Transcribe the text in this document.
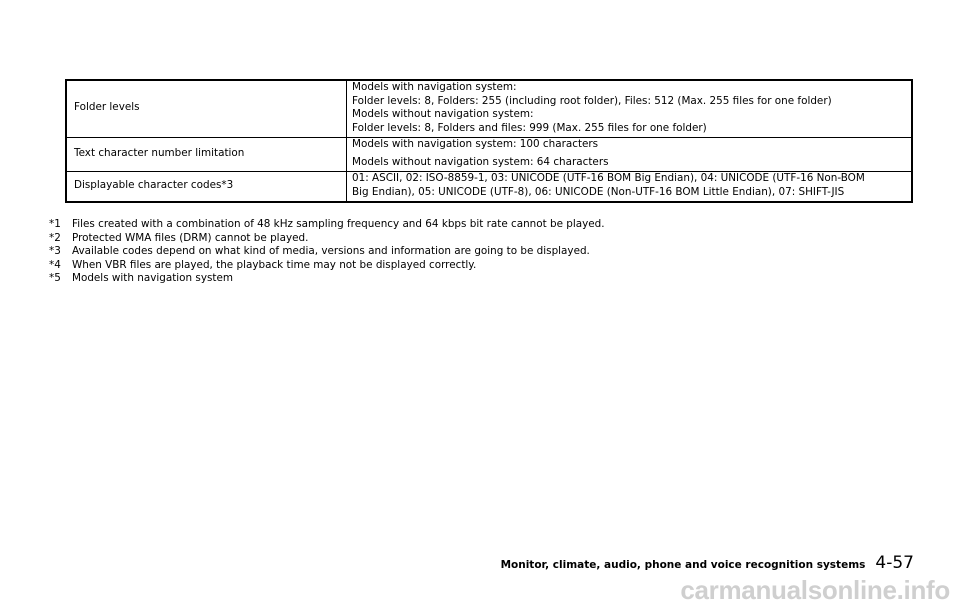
Folder levels	Models with navigation system:
Folder levels: 8, Folders: 255 (including root folder), Files: 512 (Max. 255 files for one folder)
Models without navigation system:
Folder levels: 8, Folders and files: 999 (Max. 255 files for one folder)

Text character number limitation	Models with navigation system: 100 characters
Models without navigation system: 64 characters

Displayable character codes*3	01: ASCII, 02: ISO-8859-1, 03: UNICODE (UTF-16 BOM Big Endian), 04: UNICODE (UTF-16 Non-BOM
Big Endian), 05: UNICODE (UTF-8), 06: UNICODE (Non-UTF-16 BOM Little Endian), 07: SHIFT-JIS
*1	Files created with a combination of 48 kHz sampling frequency and 64 kbps bit rate cannot be played.
*2	Protected WMA files (DRM) cannot be played.
*3	Available codes depend on what kind of media, versions and information are going to be displayed.
*4	When VBR files are played, the playback time may not be displayed correctly.
*5	Models with navigation system
Monitor, climate, audio, phone and voice recognition systems 4-57
carmanualsonline.info
